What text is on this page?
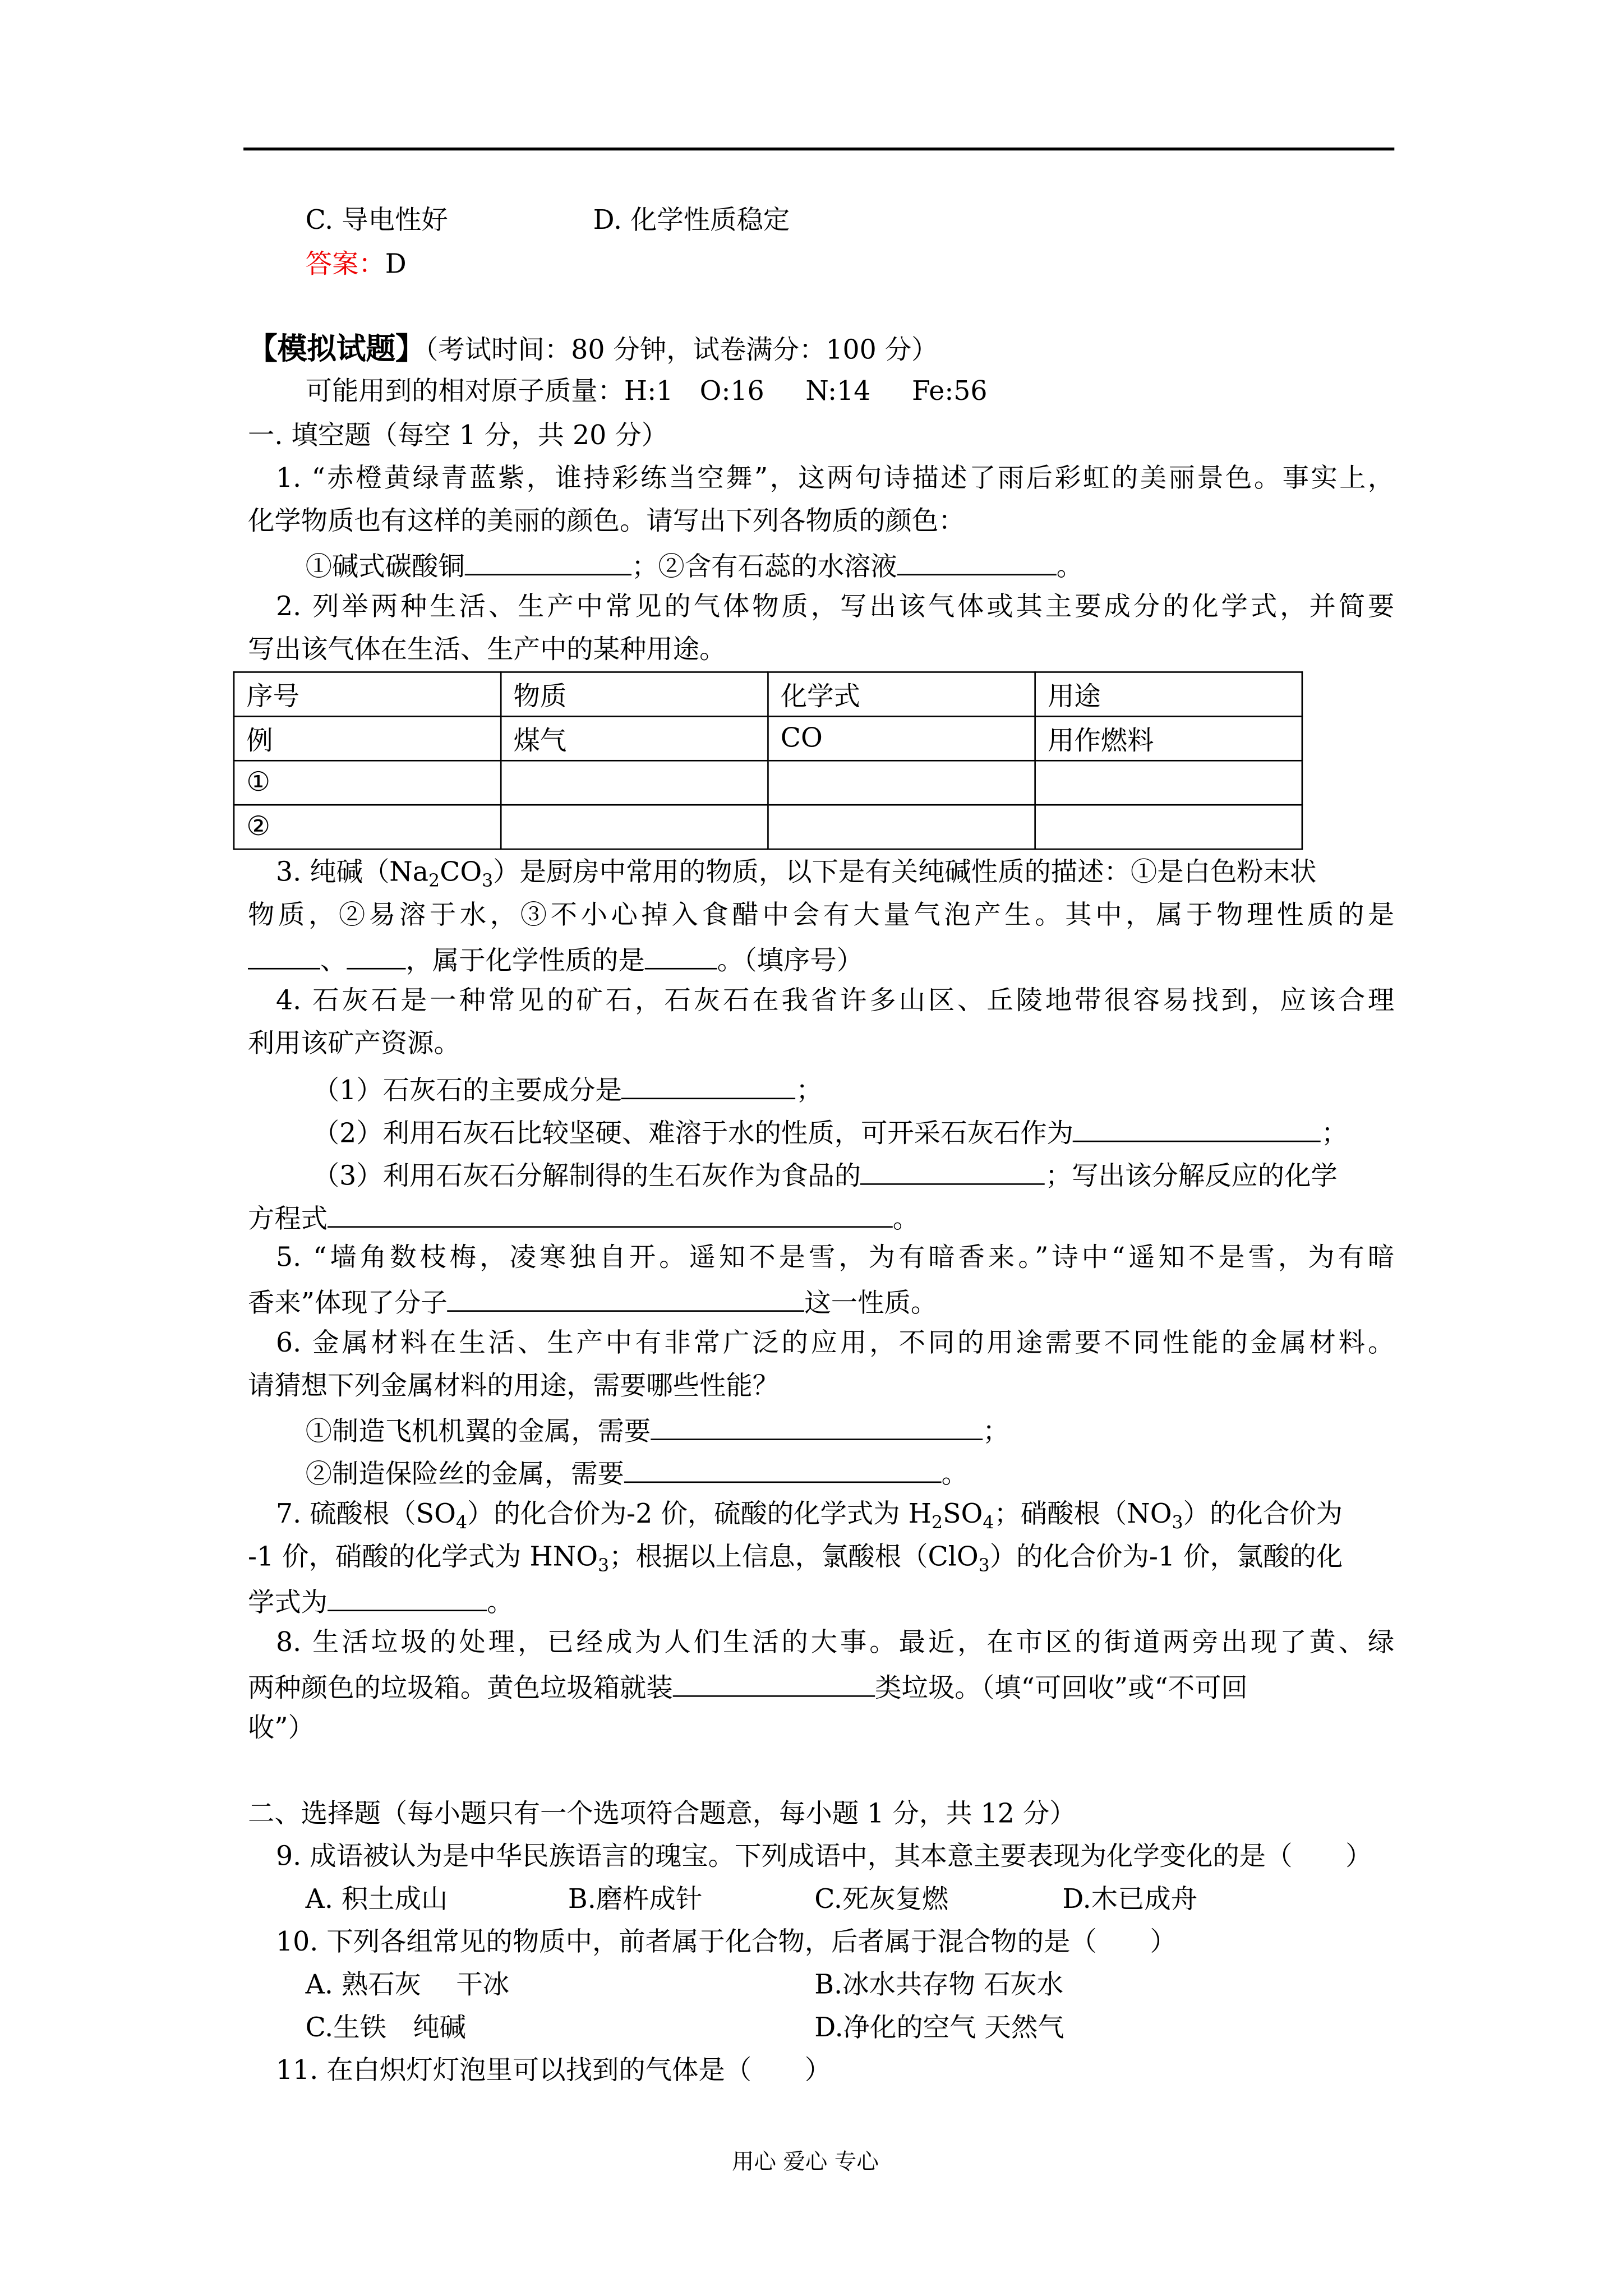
C. 导电性好	D. 化学性质稳定
答案：D
【模拟试题】（考试时间：80 分钟，试卷满分：100 分）
可能用到的相对原子质量：H:1	O:16	N:14	Fe:56
一. 填空题（每空 1 分，共 20 分）
1. “赤橙黄绿青蓝紫，谁持彩练当空舞”，这两句诗描述了雨后彩虹的美丽景色。事实上，
化学物质也有这样的美丽的颜色。请写出下列各物质的颜色：
①碱式碳酸铜	；②含有石蕊的水溶液	。
2. 列举两种生活、生产中常见的气体物质，写出该气体或其主要成分的化学式，并简要
写出该气体在生活、生产中的某种用途。
序号	物质	化学式	用途
例	煤气	CO	用作燃料
①			
②			
3. 纯碱$(Na_2CO_3)$是厨房中常用的物质，以下是有关纯碱性质的描述：①是白色粉末状
物质，②易溶于水，③不小心掉入食醋中会有大量气泡产生。其中，属于物理性质的是
、	，属于化学性质的是	。（填序号）
4. 石灰石是一种常见的矿石，石灰石在我省许多山区、丘陵地带很容易找到，应该合理
利用该矿产资源。
（1）石灰石的主要成分是	；
（2）利用石灰石比较坚硬、难溶于水的性质，可开采石灰石作为	；
（3）利用石灰石分解制得的生石灰作为食品的	；写出该分解反应的化学
方程式	。
5. “墙角数枝梅，凌寒独自开。遥知不是雪，为有暗香来。”诗中“遥知不是雪，为有暗
香来”体现了分子	这一性质。
6. 金属材料在生活、生产中有非常广泛的应用，不同的用途需要不同性能的金属材料。
请猜想下列金属材料的用途，需要哪些性能？
①制造飞机机翼的金属，需要	；
②制造保险丝的金属，需要	。
7. 硫酸根$(SO_4)$的化合价为-2 价，硫酸的化学式为 $H_2SO_4$；硝酸根$(NO_3)$的化合价为
-1 价，硝酸的化学式为 $HNO_3$；根据以上信息，氯酸根（ClO$_3$）的化合价为-1 价，氯酸的化
学式为	。
8. 生活垃圾的处理，已经成为人们生活的大事。最近，在市区的街道两旁出现了黄、绿
两种颜色的垃圾箱。黄色垃圾箱就装	类垃圾。（填“可回收”或“不可回
收”）
二、选择题（每小题只有一个选项符合题意，每小题 1 分，共 12 分）
9. 成语被认为是中华民族语言的瑰宝。下列成语中，其本意主要表现为化学变化的是（　　）
A. 积土成山	B.磨杵成针	C.死灰复燃	D.木已成舟
10. 下列各组常见的物质中，前者属于化合物，后者属于混合物的是（　　）
A. 熟石灰　 干冰	B.冰水共存物 石灰水
C.生铁　纯碱	D.净化的空气 天然气
11. 在白炽灯灯泡里可以找到的气体是（　　）
用心 爱心 专心
